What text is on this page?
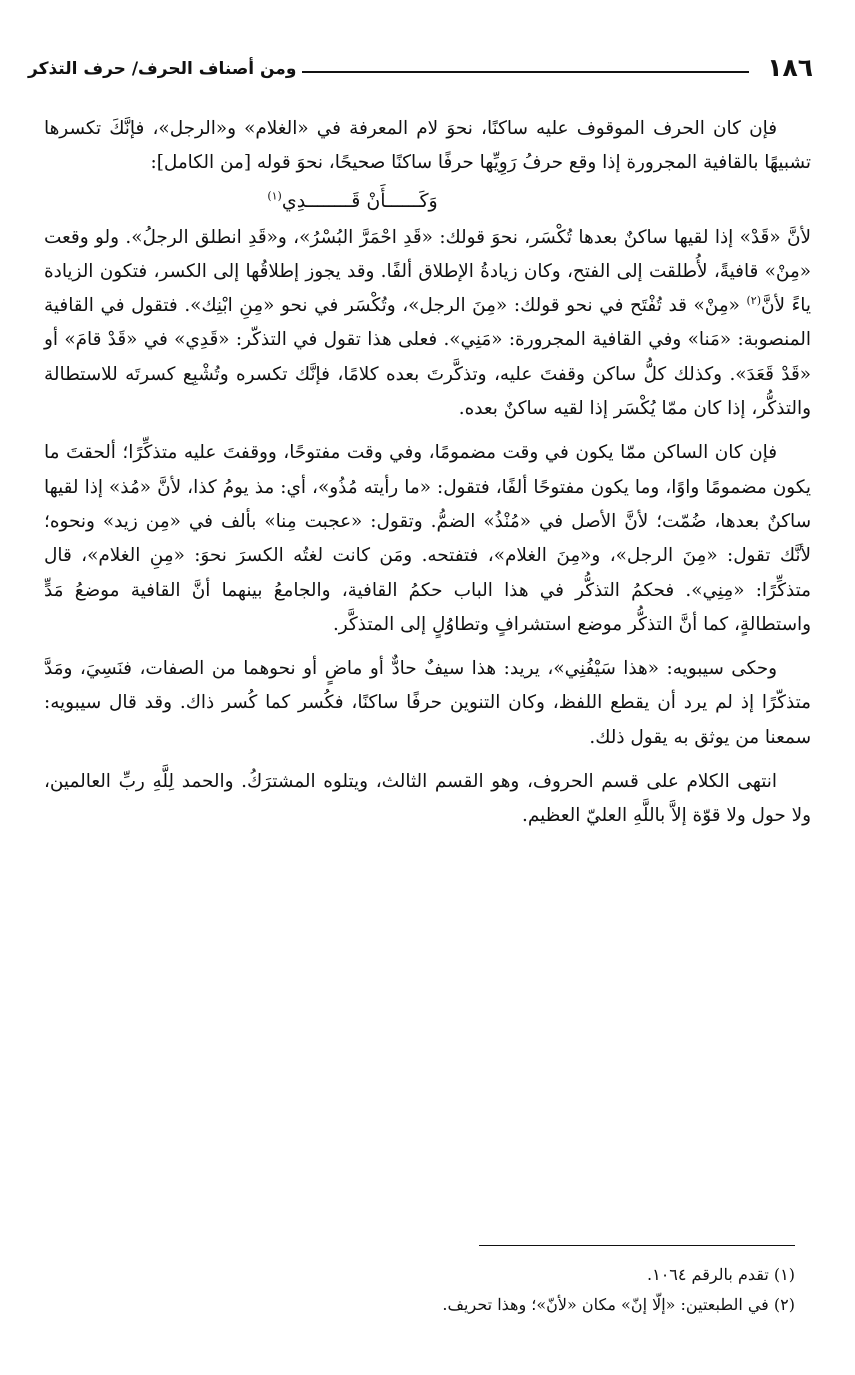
١٨٦
ومن أصناف الحرف/ حرف التذكر

فإن كان الحرف الموقوف عليه ساكنًا، نحوَ لام المعرفة في «الغلام» و«الرجل»، فإنَّكَ تكسرها تشبيهًا بالقافية المجرورة إذا وقع حرفُ رَوِيِّها حرفًا ساكنًا صحيحًا، نحوَ قوله [من الكامل]:

وَكَــــــأَنْ قَــــــــدِي$^{(١)}$

لأنَّ «قَدْ» إذا لقيها ساكنٌ بعدها تُكْسَر، نحوَ قولك: «قَدِ احْمَرَّ البُسْرُ»، و«قَدِ انطلق الرجلُ». ولو وقعت «مِنْ» قافيةً، لأُطلقت إلى الفتح، وكان زيادةُ الإطلاق ألفًا. وقد يجوز إطلاقُها إلى الكسر، فتكون الزيادة ياءً لأنَّ$^{(٢)}$ «مِنْ» قد تُفْتَح في نحو قولك: «مِنَ الرجل»، وتُكْسَر في نحو «مِنِ ابْنِك». فتقول في القافية المنصوبة: «مَنا» وفي القافية المجرورة: «مَنِي». فعلى هذا تقول في التذكّر: «قَدِي» في «قَدْ قامَ» أو «قَدْ قَعَدَ». وكذلك كلُّ ساكن وقفتَ عليه، وتذكَّرتَ بعده كلامًا، فإنَّك تكسره وتُشْبِع كسرتَه للاستطالة والتذكُّر، إذا كان ممّا يُكْسَر إذا لقيه ساكنٌ بعده.

فإن كان الساكن ممّا يكون في وقت مضمومًا، وفي وقت مفتوحًا، ووقفتَ عليه متذكِّرًا؛ ألحقتَ ما يكون مضمومًا واوًا، وما يكون مفتوحًا ألفًا، فتقول: «ما رأيته مُذُو»، أي: مذ يومُ كذا، لأنَّ «مُذ» إذا لقيها ساكنٌ بعدها، ضُمّت؛ لأنَّ الأصل في «مُنْذُ» الضمُّ. وتقول: «عجبت مِنا» بألف في «مِن زيد» ونحوه؛ لأنَّك تقول: «مِنَ الرجل»، و«مِنَ الغلام»، فتفتحه. ومَن كانت لغتُه الكسرَ نحوَ: «مِنِ الغلام»، قال متذكِّرًا: «مِنِي». فحكمُ التذكُّر في هذا الباب حكمُ القافية، والجامعُ بينهما أنَّ القافية موضعُ مَدٍّ واستطالةٍ، كما أنَّ التذكُّر موضع استشرافٍ وتطاوُلٍ إلى المتذكَّر.

وحكى سيبويه: «هذا سَيْفُنِي»، يريد: هذا سيفٌ حادٌّ أو ماضٍ أو نحوهما من الصفات، فنَسِيَ، ومَدَّ متذكّرًا إذ لم يرد أن يقطع اللفظ، وكان التنوين حرفًا ساكنًا، فكُسر كما كُسر ذاك. وقد قال سيبويه: سمعنا من يوثق به يقول ذلك.

انتهى الكلام على قسم الحروف، وهو القسم الثالث، ويتلوه المشترَكُ. والحمد لِلَّهِ ربِّ العالمين، ولا حول ولا قوّة إلاَّ باللَّهِ العليّ العظيم.

(١) تقدم بالرقم ١٠٦٤.

(٢) في الطبعتين: «إلّا إنّ» مكان «لأنّ»؛ وهذا تحريف.
